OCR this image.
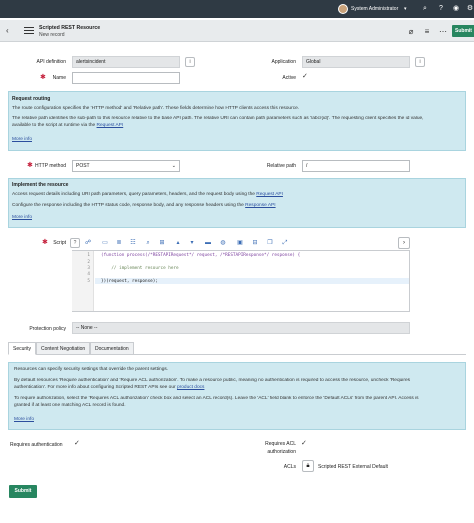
System Administrator ▾	⌕	?	◉ ⚙
‹	Scripted REST Resource
New record	⌀	≡	⋯	Submit
API definition	alertsincident	i	Application	Global	i
✱	Name	Active ✓
Request routing
The route configuration specifies the 'HTTP method' and 'Relative path'. These fields determine how HTTP clients access this resource.
The relative path identifies the sub-path to this resource relative to the base API path. The relative URI can contain path parameters such as '/abc/{id}'. The requesting client specifies the id value,
available to the script at runtime via the Request API
More info
✱ HTTP method	POST	⌄	Relative path	/
Implement the resource
Access request details including URI path parameters, query parameters, headers, and the request body using the Request API
Configure the response including the HTTP status code, response body, and any response headers using the Response API
More info
✱	Script	?	☍	▭	≣	☷	⌕	⊞	▴	▾	▬	◍	▣	⊟	❐	⤢	›
1
2
3
4
5
(function process(/*RESTAPIRequest*/ request, /*RESTAPIResponse*/ response) {
// implement resource here
})(request, response);
Protection policy	-- None --
Security	Content Negotiation	Documentation
Resources can specify security settings that override the parent settings.
By default resources 'Require authentication' and 'Require ACL authorization'. To make a resource public, meaning no authentication is required to access the resource, uncheck 'Requires
authentication'. For more info about configuring Scripted REST APIs see our product docs
To require authorization, select the 'Requires ACL authorization' check box and select an ACL record(s). Leave the 'ACL' field blank to enforce the 'Default ACLs' from the parent API. Access is
granted if at least one matching ACL record is found.
More info
Requires authentication ✓	Requires ACL
authorization
✓
ACLs	🔒︎	Scripted REST External Default
Submit
